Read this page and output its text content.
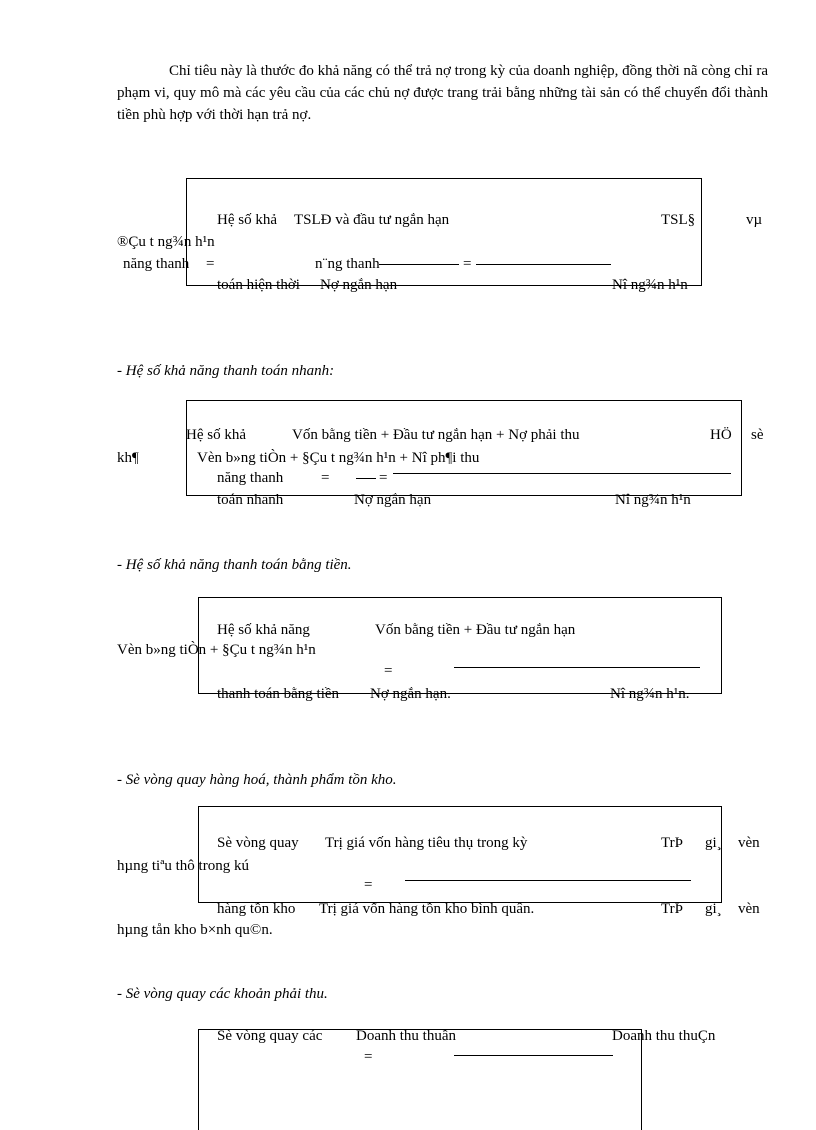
Chỉ tiêu này là thước đo khả năng có thể trả nợ trong kỳ của doanh nghiệp, đồng thời nã còng chỉ ra phạm vi, quy mô mà các yêu cầu của các chủ nợ được trang trải bằng những tài sản có thể chuyển đổi thành tiền phù hợp với thời hạn trả nợ.
Hệ số khả TSLĐ và đầu tư ngắn hạn	TSL§	vµ
®Çu t ng¾n h¹n
năng thanh =	n¨ng thanh	=
toán hiện thời Nợ ngắn hạn	Nî ng¾n h¹n
- Hệ số khả năng thanh toán nhanh:
Hệ số khả	Vốn bằng tiền + Đầu tư ngắn hạn + Nợ phải thu	HÖ sè
kh¶	Vèn b»ng tiÒn + §Çu t ng¾n h¹n + Nî ph¶i thu
năng thanh	=	=
toán nhanh	Nợ ngắn hạn	Nî ng¾n h¹n
- Hệ số khả năng thanh toán bằng tiền.
Hệ số khả năng	Vốn bằng tiền + Đầu tư ngắn hạn
Vèn b»ng tiÒn + §Çu t ng¾n h¹n
=
thanh toán bằng tiền Nợ ngắn hạn.	Nî ng¾n h¹n.
- Sè vòng quay hàng hoá, thành phẩm tồn kho.
Sè vòng quay Trị giá vốn hàng tiêu thụ trong kỳ	TrÞ gi¸ vèn
hµng tiªu thô trong kú
=
hàng tồn kho Trị giá vốn hàng tồn kho bình quân.	TrÞ gi¸ vèn
hµng tån kho b×nh qu©n.
- Sè vòng quay các khoản phải thu.
Sè vòng quay các Doanh thu thuần	Doanh thu thuÇn
=
